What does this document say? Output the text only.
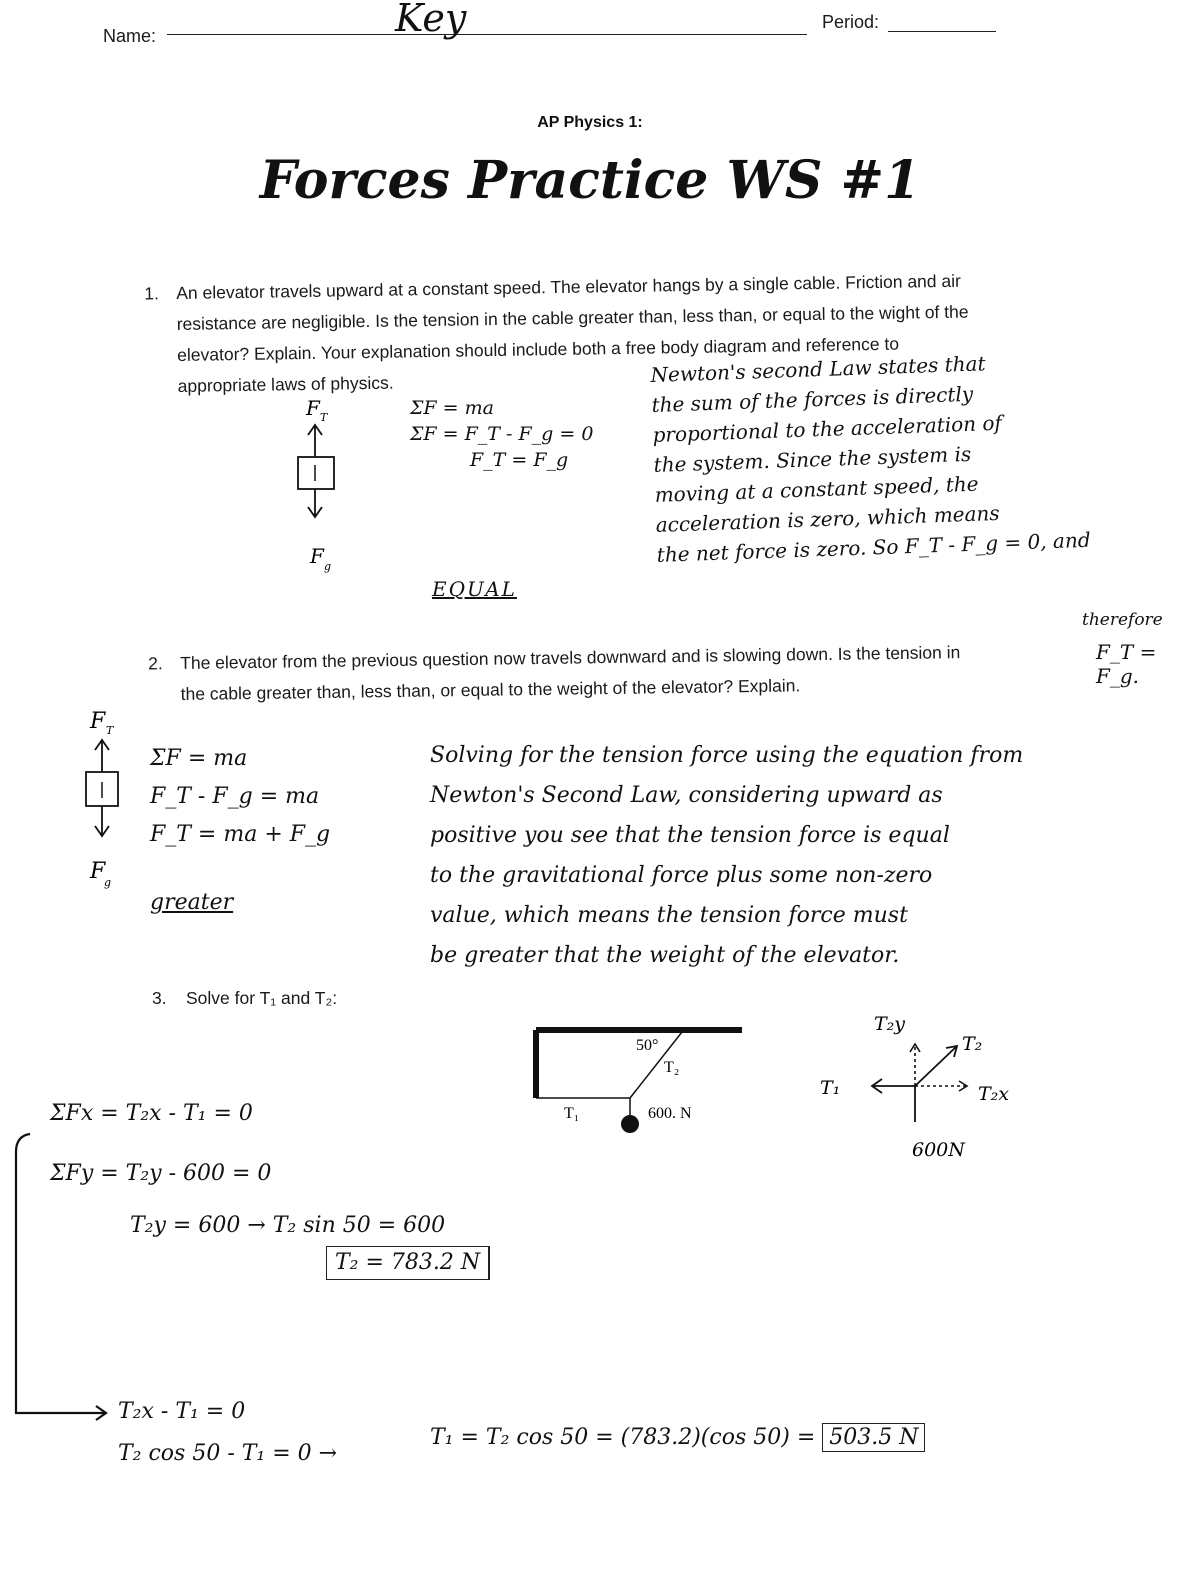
Name:	Key	Period:
AP Physics 1:
Forces Practice WS #1
1. An elevator travels upward at a constant speed. The elevator hangs by a single cable. Friction and air
resistance are negligible. Is the tension in the cable greater than, less than, or equal to the wight of the
elevator? Explain. Your explanation should include both a free body diagram and reference to
appropriate laws of physics.
F T
F g
ΣF = ma
ΣF = F_T - F_g = 0
F_T = F_g
EQUAL
Newton's second Law states that
the sum of the forces is directly
proportional to the acceleration of
the system. Since the system is
moving at a constant speed, the
acceleration is zero, which means
the net force is zero. So F_T - F_g = 0, and
therefore
F_T = F_g.
2. The elevator from the previous question now travels downward and is slowing down. Is the tension in
the cable greater than, less than, or equal to the weight of the elevator? Explain.
F T
F
g
ΣF = ma
F_T - F_g = ma
F_T = ma + F_g
greater
Solving for the tension force using the equation from
Newton's Second Law, considering upward as
positive you see that the tension force is equal
to the gravitational force plus some non-zero
value, which means the tension force must
be greater that the weight of the elevator.
3. Solve for T₁ and T₂:
50°
T₂
T₁	600. N
T₂y
T₂
T₁	T₂x
600N
ΣFx = T₂x - T₁ = 0
ΣFy = T₂y - 600 = 0
T₂y = 600 → T₂ sin 50 = 600
T₂ = 783.2 N
T₂x - T₁ = 0
T₂ cos 50 - T₁ = 0 →
T₁ = T₂ cos 50 = (783.2)(cos 50) = 503.5 N
